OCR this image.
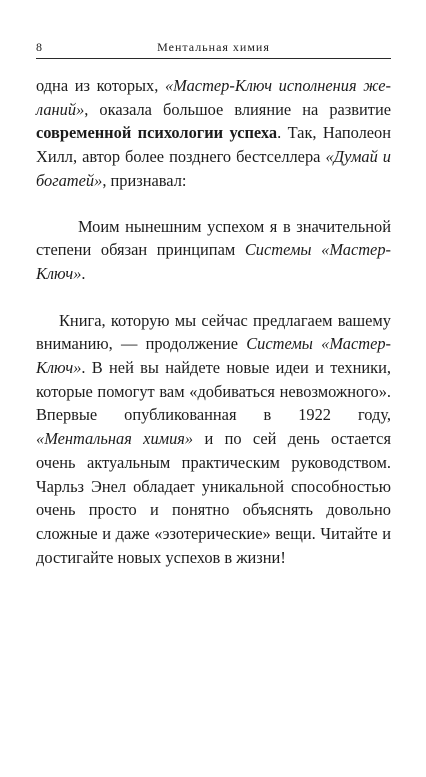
8	Ментальная химия

одна из которых, «Мастер-Ключ исполнения желаний», оказала большое влияние на развитие современной психологии успеха. Так, Наполеон Хилл, автор более позднего бестселлера «Думай и богатей», признавал:

Моим нынешним успехом я в значительной степени обязан принципам Системы «Мастер-Ключ».

Книга, которую мы сейчас предлагаем вашему вниманию, — продолжение Системы «Мастер-Ключ». В ней вы найдете новые идеи и техники, которые помогут вам «добиваться невозможного». Впервые опубликованная в 1922 году, «Ментальная химия» и по сей день остается очень актуальным практическим руководством. Чарльз Энел обладает уникальной способностью очень просто и понятно объяснять довольно сложные и даже «эзотерические» вещи. Читайте и достигайте новых успехов в жизни!
